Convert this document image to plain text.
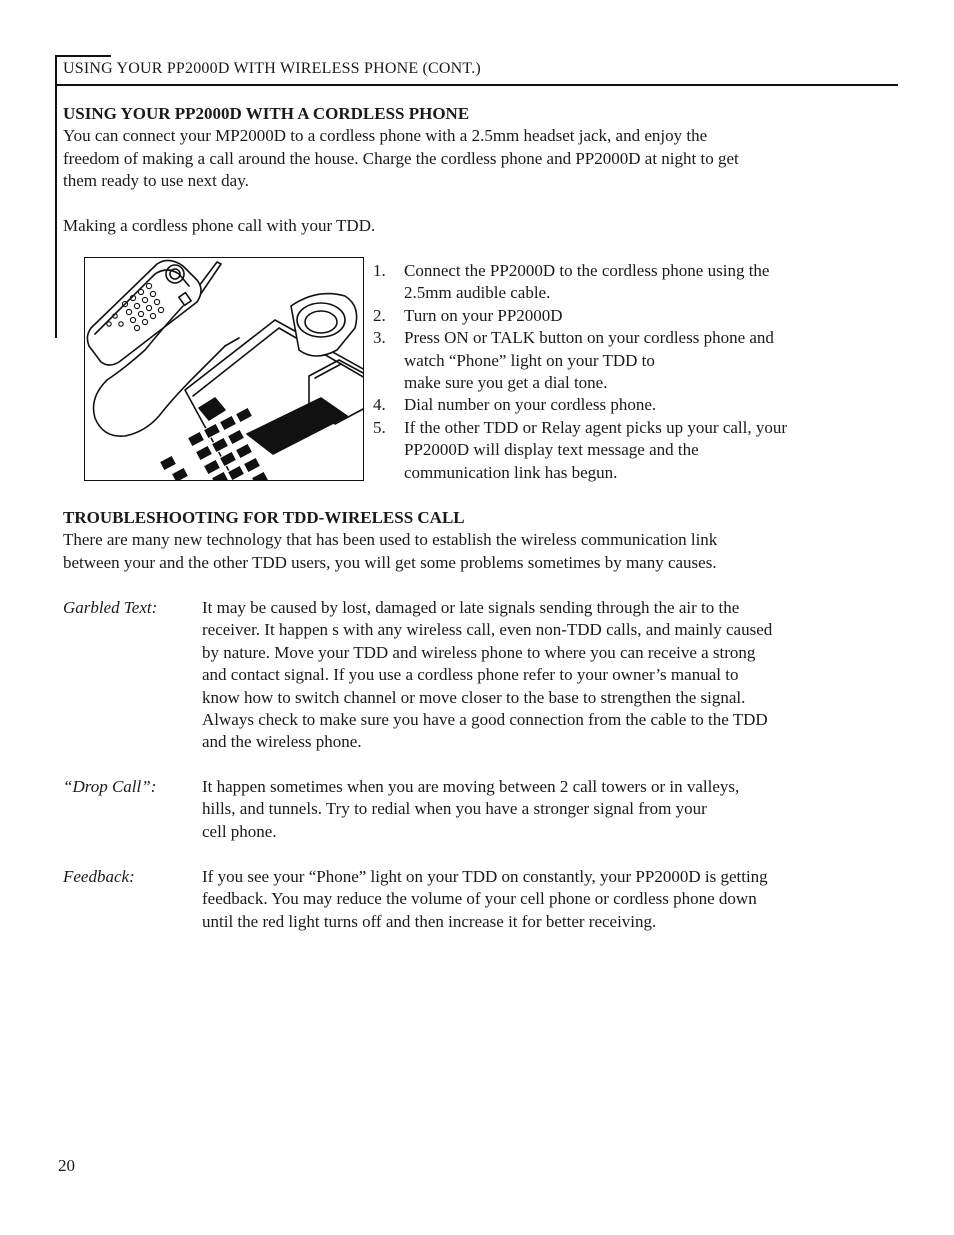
USING YOUR PP2000D WITH WIRELESS PHONE (CONT.)

USING YOUR PP2000D WITH A CORDLESS PHONE

You can connect your MP2000D to a cordless phone with a 2.5mm headset jack, and enjoy the

freedom of making a call around the house. Charge the cordless phone and PP2000D at night to get

them ready to use next day.

Making a cordless phone call with your TDD.
1. Connect the PP2000D to the cordless phone using the
2.5mm audible cable.
2. Turn on your PP2000D
3. Press ON or TALK button on your cordless phone and
watch “Phone” light on your TDD to
make sure you get a dial tone.
4. Dial number on your cordless phone.
5. If the other TDD or Relay agent picks up your call, your
PP2000D will display text message and the
communication link has begun.

TROUBLESHOOTING FOR TDD-WIRELESS CALL

There are many new technology that has been used to establish the wireless communication link

between your and the other TDD users, you will get some problems sometimes by many causes.

Garbled Text:	It may be caused by lost, damaged or late signals sending through the air to the
receiver. It happen s with any wireless call, even non-TDD calls, and mainly caused
by nature. Move your TDD and wireless phone to where you can receive a strong
and contact signal. If you use a cordless phone refer to your owner’s manual to
know how to switch channel or move closer to the base to strengthen the signal.
Always check to make sure you have a good connection from the cable to the TDD
and the wireless phone.
“Drop Call”:	It happen sometimes when you are moving between 2 call towers or in valleys,
hills, and tunnels. Try to redial when you have a stronger signal from your
cell phone.
Feedback:	If you see your “Phone” light on your TDD on constantly, your PP2000D is getting
feedback. You may reduce the volume of your cell phone or cordless phone down
until the red light turns off and then increase it for better receiving.
20
